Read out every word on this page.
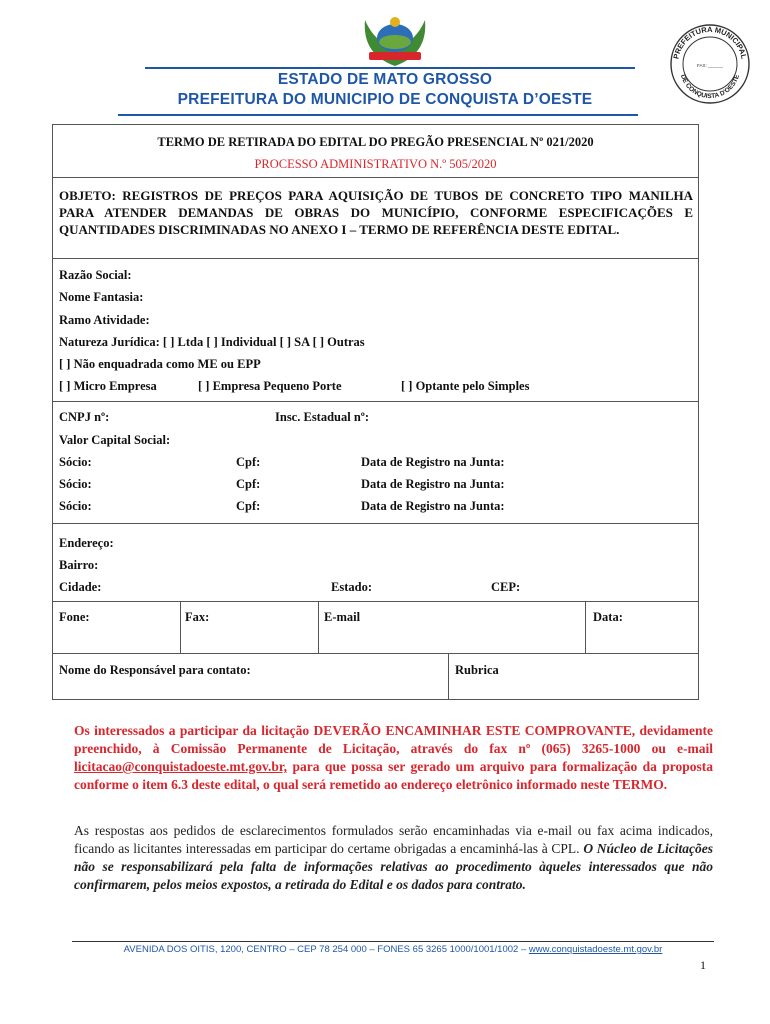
PREFEITURA MUNICIPAL
DE CONQUISTA D'OESTE
FAX: ______
ESTADO DE MATO GROSSO
PREFEITURA DO MUNICIPIO DE CONQUISTA D’OESTE
TERMO DE RETIRADA DO EDITAL DO PREGÃO PRESENCIAL Nº 021/2020
PROCESSO ADMINISTRATIVO N.º 505/2020
OBJETO: REGISTROS DE PREÇOS PARA AQUISIÇÃO DE TUBOS DE CONCRETO TIPO MANILHA PARA ATENDER DEMANDAS DE OBRAS DO MUNICÍPIO, CONFORME ESPECIFICAÇÕES E QUANTIDADES DISCRIMINADAS NO ANEXO I – TERMO DE REFERÊNCIA DESTE EDITAL.
Razão Social:
Nome Fantasia:
Ramo Atividade:
Natureza Jurídica: [ ] Ltda [ ] Individual [ ] SA [ ] Outras
[ ] Não enquadrada como ME ou EPP
[ ] Micro Empresa	[ ] Empresa Pequeno Porte	[ ] Optante pelo Simples
CNPJ nº:	Insc. Estadual nº:
Valor Capital Social:
Sócio:	Cpf:	Data de Registro na Junta:
Sócio:	Cpf:	Data de Registro na Junta:
Sócio:	Cpf:	Data de Registro na Junta:
Endereço:
Bairro:
Cidade:	Estado:	CEP:
Fone:	Fax:	E-mail	Data:
Nome do Responsável para contato:	Rubrica
Os interessados a participar da licitação DEVERÃO ENCAMINHAR ESTE COMPROVANTE, devidamente preenchido, à Comissão Permanente de Licitação, através do fax nº (065) 3265-1000 ou e-mail licitacao@conquistadoeste.mt.gov.br, para que possa ser gerado um arquivo para formalização da proposta conforme o item 6.3 deste edital, o qual será remetido ao endereço eletrônico informado neste TERMO.
As respostas aos pedidos de esclarecimentos formulados serão encaminhadas via e-mail ou fax acima indicados, ficando as licitantes interessadas em participar do certame obrigadas a encaminhá-las à CPL. O Núcleo de Licitações não se responsabilizará pela falta de informações relativas ao procedimento àqueles interessados que não confirmarem, pelos meios expostos, a retirada do Edital e os dados para contrato.
AVENIDA DOS OITIS, 1200, CENTRO – CEP 78 254 000 – FONES 65 3265 1000/1001/1002 – www.conquistadoeste.mt.gov.br
1
